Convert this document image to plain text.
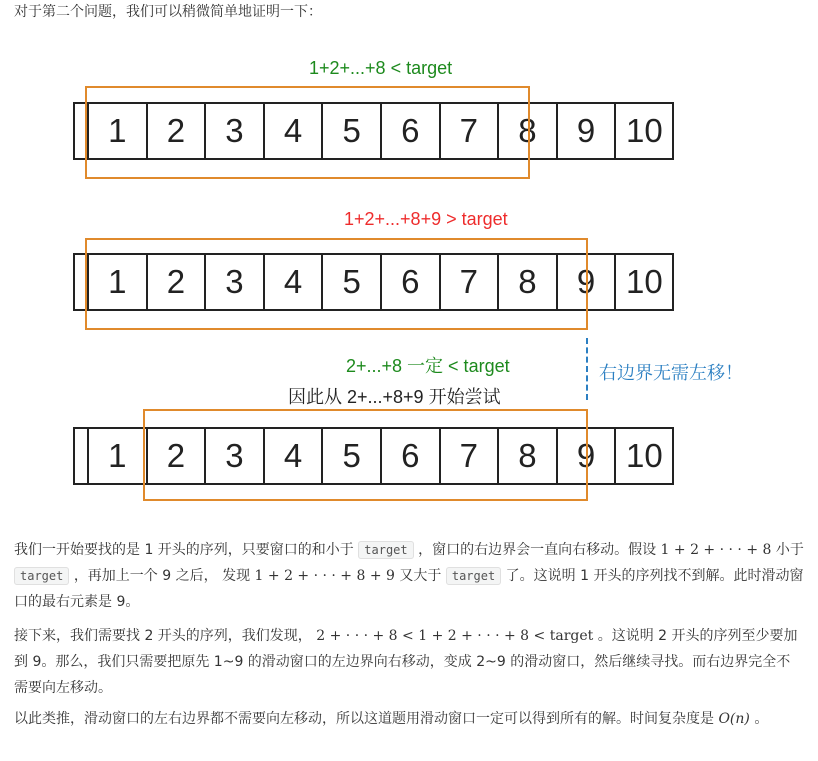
对于第二个问题，我们可以稍微简单地证明一下：

1+2+...+8 < target
1	2	3	4	5	6	7	8	9 10
1+2+...+8+9 > target
1	2	3	4	5	6	7	8	9 10
2+...+8 一定 < target
因此从 2+...+8+9 开始尝试
右边界无需左移！
1	2	3	4	5	6	7	8	9 10

我们一开始要找的是 1 开头的序列，只要窗口的和小于 target ，窗口的右边界会一直向右移动。假设 1 + 2 + · · · + 8 小于 target ，再加上一个 9 之后， 发现 1 + 2 + · · · + 8 + 9 又大于 target 了。这说明 1 开头的序列找不到解。此时滑动窗口的最右元素是 9。

接下来，我们需要找 2 开头的序列，我们发现， 2 + · · · + 8 < 1 + 2 + · · · + 8 < target 。这说明 2 开头的序列至少要加到 9。那么，我们只需要把原先 1~9 的滑动窗口的左边界向右移动，变成 2~9 的滑动窗口，然后继续寻找。而右边界完全不需要向左移动。

以此类推，滑动窗口的左右边界都不需要向左移动，所以这道题用滑动窗口一定可以得到所有的解。时间复杂度是 O(n) 。
